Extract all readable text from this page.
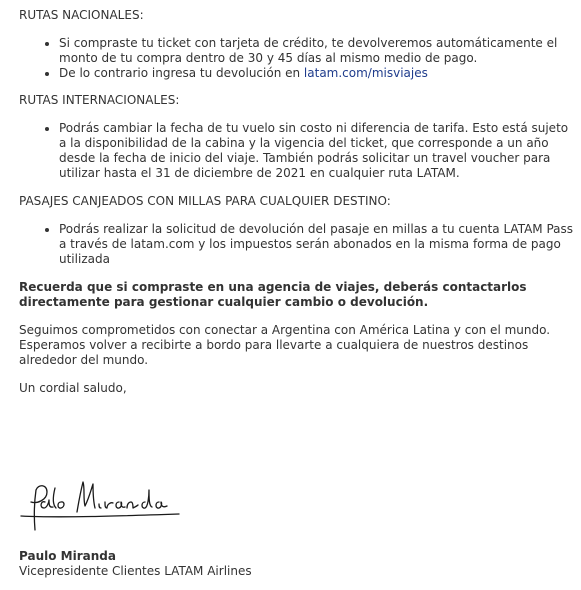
RUTAS NACIONALES:
Si compraste tu ticket con tarjeta de crédito, te devolveremos automáticamente el monto de tu compra dentro de 30 y 45 días al mismo medio de pago.
De lo contrario ingresa tu devolución en latam.com/misviajes
RUTAS INTERNACIONALES:
Podrás cambiar la fecha de tu vuelo sin costo ni diferencia de tarifa. Esto está sujeto a la disponibilidad de la cabina y la vigencia del ticket, que corresponde a un año desde la fecha de inicio del viaje. También podrás solicitar un travel voucher para utilizar hasta el 31 de diciembre de 2021 en cualquier ruta LATAM.
PASAJES CANJEADOS CON MILLAS PARA CUALQUIER DESTINO:
Podrás realizar la solicitud de devolución del pasaje en millas a tu cuenta LATAM Pass a través de latam.com y los impuestos serán abonados en la misma forma de pago utilizada

Recuerda que si compraste en una agencia de viajes, deberás contactarlos directamente para gestionar cualquier cambio o devolución.

Seguimos comprometidos con conectar a Argentina con América Latina y con el mundo. Esperamos volver a recibirte a bordo para llevarte a cualquiera de nuestros destinos alrededor del mundo.

Un cordial saludo,

Paulo Miranda
Vicepresidente Clientes LATAM Airlines
